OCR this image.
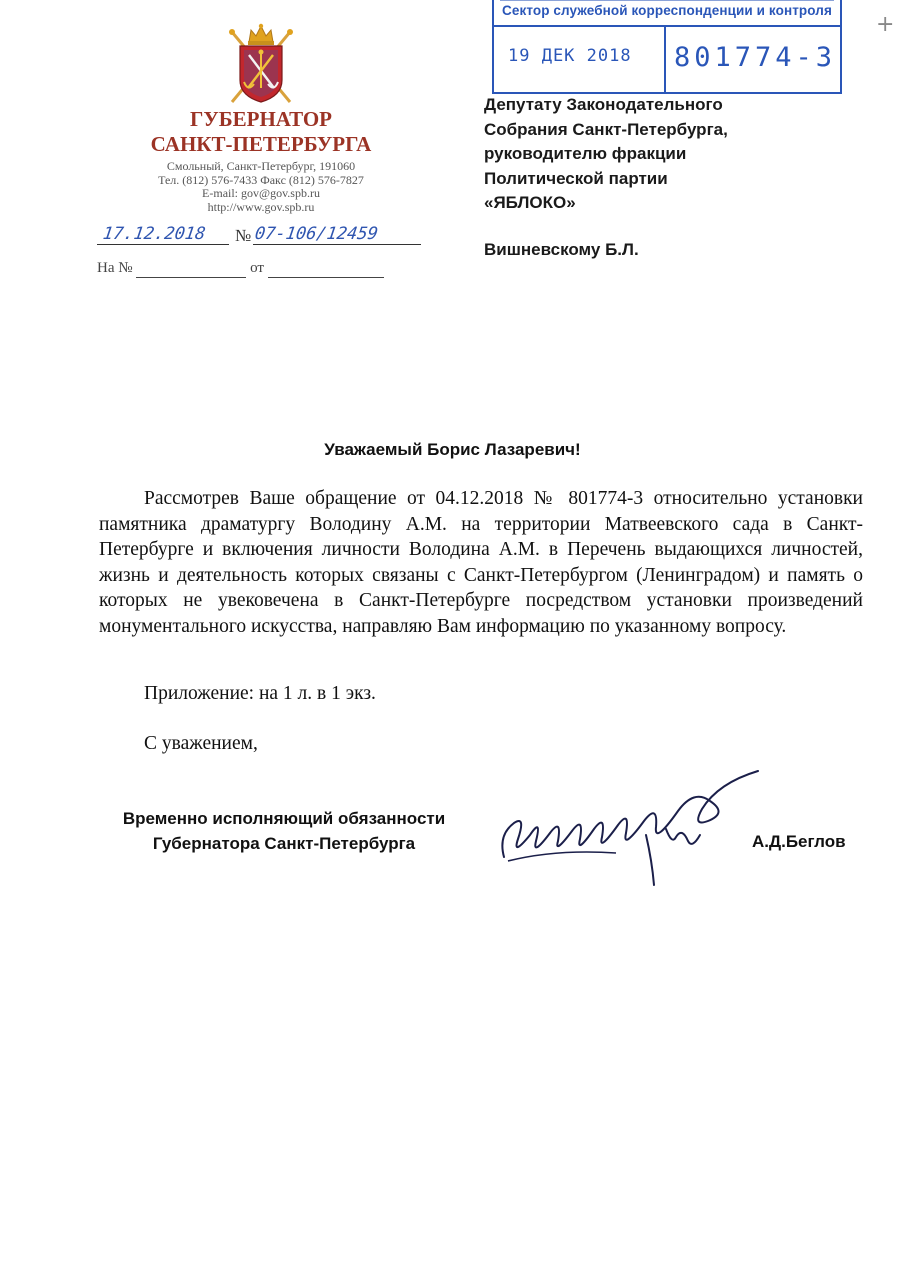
+
Сектор служебной корреспонденции и контроля
19 ДЕК 2018 801774-3
ГУБЕРНАТОР
САНКТ-ПЕТЕРБУРГА
Смольный, Санкт-Петербург, 191060
Тел. (812) 576-7433 Факс (812) 576-7827
E-mail: gov@gov.spb.ru
http://www.gov.spb.ru
17.12.2018 № 07-106/12459
На №	от
Депутату Законодательного
Собрания Санкт-Петербурга,
руководителю фракции
Политической партии
«ЯБЛОКО»
Вишневскому Б.Л.
Уважаемый Борис Лазаревич!
Рассмотрев Ваше обращение от 04.12.2018 № 801774-3 относительно установки памятника драматургу Володину А.М. на территории Матвеевского сада в Санкт-Петербурге и включения личности Володина А.М. в Перечень выдающихся личностей, жизнь и деятельность которых связаны с Санкт-Петербургом (Ленинградом) и память о которых не увековечена в Санкт-Петербурге посредством установки произведений монументального искусства, направляю Вам информацию по указанному вопросу.
Приложение: на 1 л. в 1 экз.
С уважением,
Временно исполняющий обязанности
Губернатора Санкт-Петербурга	А.Д.Беглов
